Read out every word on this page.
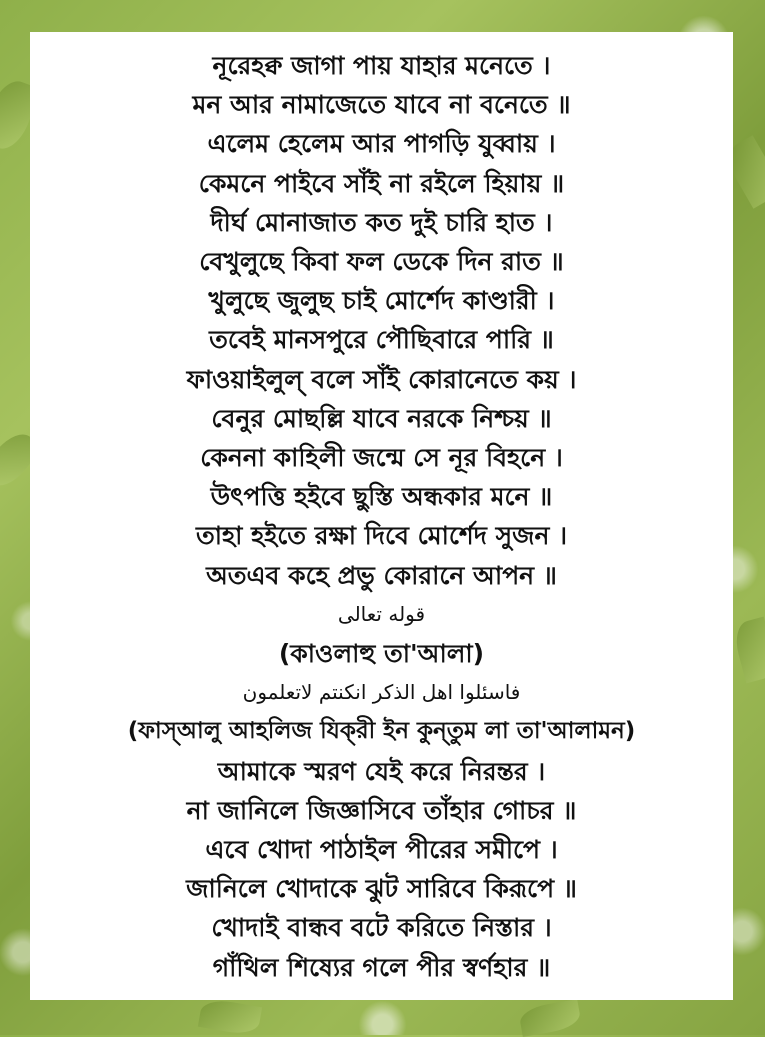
নূরেহক্ব জাগা পায় যাহার মনেতে ।
মন আর নামাজেতে যাবে না বনেতে ॥
এলেম হেলেম আর পাগড়ি যুব্বায় ।
কেমনে পাইবে সাঁই না রইলে হিয়ায় ॥
দীর্ঘ মোনাজাত কত দুই চারি হাত ।
বেখুলুছে কিবা ফল ডেকে দিন রাত ॥
খুলুছে জুলুছ চাই মোর্শেদ কাণ্ডারী ।
তবেই মানসপুরে পৌছিবারে পারি ॥
ফাওয়াইলুল্ বলে সাঁই কোরানেতে কয় ।
বেনুর মোছল্লি যাবে নরকে নিশ্চয় ॥
কেননা কাহিলী জন্মে সে নূর বিহনে ।
উৎপত্তি হইবে ছুস্তি অন্ধকার মনে ॥
তাহা হইতে রক্ষা দিবে মোর্শেদ সুজন ।
অতএব কহে প্রভু কোরানে আপন ॥
قوله تعالى
(কাওলাহু তা'আলা)
فاسئلوا اهل الذكر انكنتم لاتعلمون
(ফাস্আলু আহলিজ যিক্‌রী ইন কুন্‌তুম লা তা'আলামন)
আমাকে স্মরণ যেই করে নিরন্তর ।
না জানিলে জিজ্ঞাসিবে তাঁহার গোচর ॥
এবে খোদা পাঠাইল পীরের সমীপে ।
জানিলে খোদাকে ঝুট সারিবে কিরূপে ॥
খোদাই বান্ধব বটে করিতে নিস্তার ।
গাঁথিল শিষ্যের গলে পীর স্বর্ণহার ॥
